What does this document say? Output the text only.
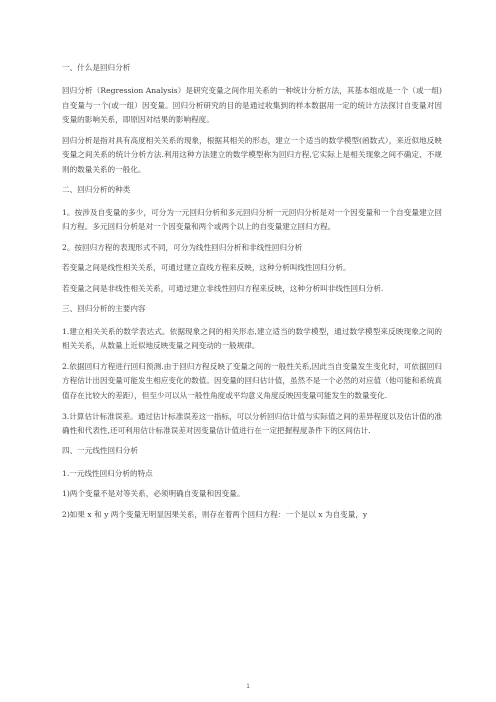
一、什么是回归分析

回归分析（Regression Analysis）是研究变量之间作用关系的一种统计分析方法，其基本组成是一个（或一组)自变量与一个(或一组）因变量。回归分析研究的目的是通过收集到的样本数据用一定的统计方法探讨自变量对因变量的影响关系，即原因对结果的影响程度。

回归分析是指对具有高度相关关系的现象，根据其相关的形态，建立一个适当的数学模型(函数式），来近似地反映变量之间关系的统计分析方法.利用这种方法建立的数学模型称为回归方程,它实际上是相关现象之间不确定、不规则的数量关系的一般化。

二、回归分析的种类

1。按涉及自变量的多少，可分为一元回归分析和多元回归分析一元回归分析是对一个因变量和一个自变量建立回归方程。多元回归分析是对一个因变量和两个或两个以上的自变量建立回归方程。

2。按回归方程的表现形式不同，可分为线性回归分析和非线性回归分析

若变量之间是线性相关关系，可通过建立直线方程来反映，这种分析叫线性回归分析。

若变量之间是非线性相关关系，可通过建立非线性回归方程来反映，这种分析叫非线性回归分析.

三、回归分析的主要内容

1.建立相关关系的数学表达式。依据现象之间的相关形态,建立适当的数学模型，通过数学模型来反映现象之间的相关关系，从数量上近似地反映变量之间变动的一般规律。

2.依据回归方程进行回归预测.由于回归方程反映了变量之间的一般性关系,因此当自变量发生变化时，可依据回归方程估计出因变量可能发生相应变化的数值。因变量的回归估计值，虽然不是一个必然的对应值（他可能和系统真值存在比较大的差距），但至少可以从一般性角度或平均意义角度反映因变量可能发生的数量变化.

3.计算估计标准误差。通过估计标准误差这一指标，可以分析回归估计值与实际值之间的差异程度以及估计值的准确性和代表性,还可利用估计标准误差对因变量估计值进行在一定把握程度条件下的区间估计.

四、一元线性回归分析

1.一元线性回归分析的特点

1)两个变量不是对等关系，必须明确自变量和因变量。

2)如果 x 和 y 两个变量无明显因果关系，则存在着两个回归方程：一个是以 x 为自变量，y

1
